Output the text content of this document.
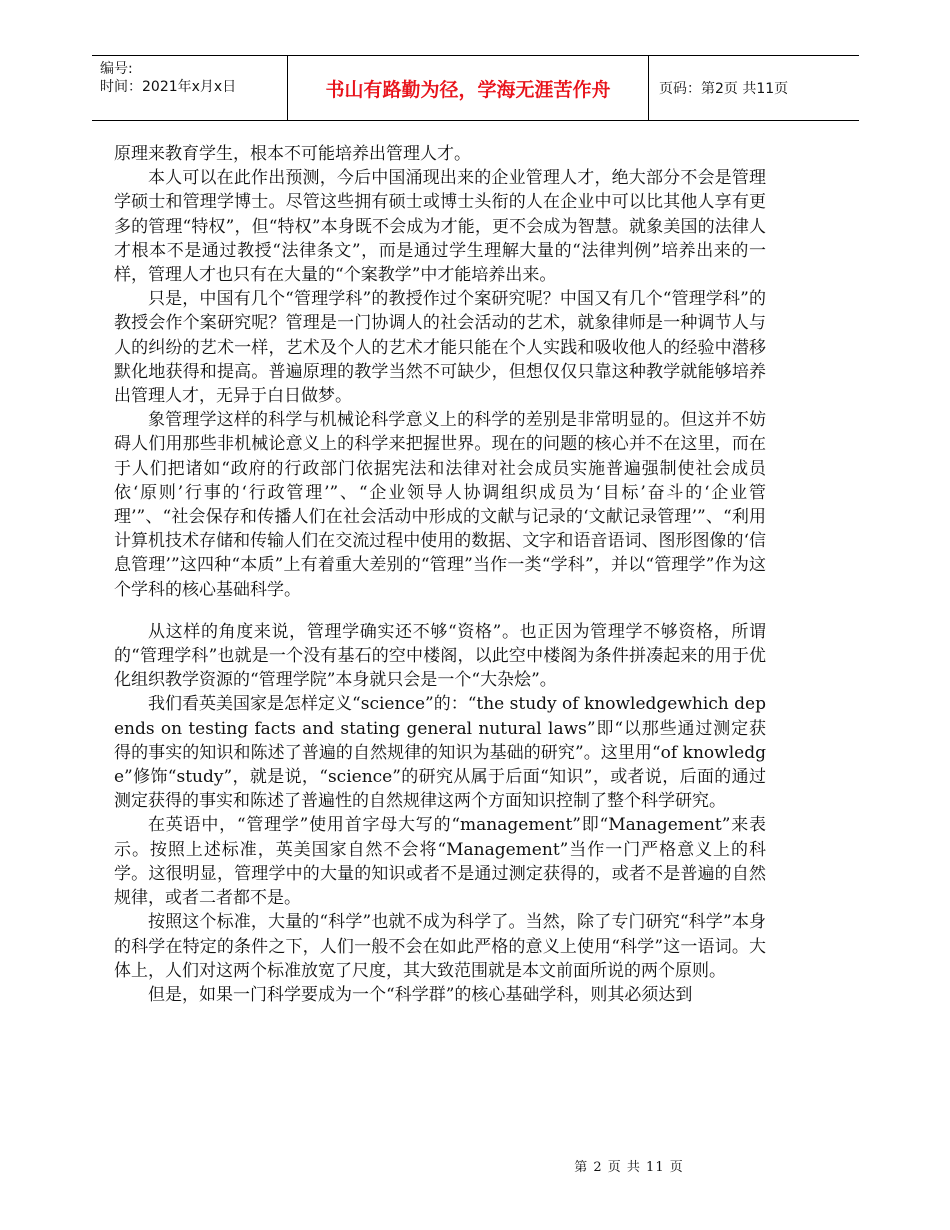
编号:
时间：2021年x月x日	书山有路勤为径，学海无涯苦作舟	页码：第2页 共11页

原理来教育学生，根本不可能培养出管理人才。

本人可以在此作出预测，今后中国涌现出来的企业管理人才，绝大部分不会是管理学硕士和管理学博士。尽管这些拥有硕士或博士头衔的人在企业中可以比其他人享有更多的管理“特权”，但“特权”本身既不会成为才能，更不会成为智慧。就象美国的法律人才根本不是通过教授“法律条文”，而是通过学生理解大量的“法律判例”培养出来的一样，管理人才也只有在大量的“个案教学”中才能培养出来。

只是，中国有几个“管理学科”的教授作过个案研究呢？中国又有几个“管理学科”的教授会作个案研究呢？管理是一门协调人的社会活动的艺术，就象律师是一种调节人与人的纠纷的艺术一样，艺术及个人的艺术才能只能在个人实践和吸收他人的经验中潜移默化地获得和提高。普遍原理的教学当然不可缺少，但想仅仅只靠这种教学就能够培养出管理人才，无异于白日做梦。

象管理学这样的科学与机械论科学意义上的科学的差别是非常明显的。但这并不妨碍人们用那些非机械论意义上的科学来把握世界。现在的问题的核心并不在这里，而在于人们把诸如“政府的行政部门依据宪法和法律对社会成员实施普遍强制使社会成员依‘原则’行事的‘行政管理’”、“企业领导人协调组织成员为‘目标’奋斗的‘企业管理’”、“社会保存和传播人们在社会活动中形成的文献与记录的‘文献记录管理’”、“利用计算机技术存储和传输人们在交流过程中使用的数据、文字和语音语词、图形图像的‘信息管理’”这四种“本质”上有着重大差别的“管理”当作一类“学科”，并以“管理学”作为这个学科的核心基础科学。

从这样的角度来说，管理学确实还不够“资格”。也正因为管理学不够资格，所谓的“管理学科”也就是一个没有基石的空中楼阁，以此空中楼阁为条件拼凑起来的用于优化组织教学资源的“管理学院”本身就只会是一个“大杂烩”。

我们看英美国家是怎样定义“science”的：“the study of knowledgewhich depends on testing facts and stating general nutural laws”即“以那些通过测定获得的事实的知识和陈述了普遍的自然规律的知识为基础的研究”。这里用“of knowledge”修饰“study”，就是说，“science”的研究从属于后面“知识”，或者说，后面的通过测定获得的事实和陈述了普遍性的自然规律这两个方面知识控制了整个科学研究。

在英语中，“管理学”使用首字母大写的“management”即“Management”来表示。按照上述标准，英美国家自然不会将“Management”当作一门严格意义上的科学。这很明显，管理学中的大量的知识或者不是通过测定获得的，或者不是普遍的自然规律，或者二者都不是。

按照这个标准，大量的“科学”也就不成为科学了。当然，除了专门研究“科学”本身的科学在特定的条件之下，人们一般不会在如此严格的意义上使用“科学”这一语词。大体上，人们对这两个标准放宽了尺度，其大致范围就是本文前面所说的两个原则。

但是，如果一门科学要成为一个“科学群”的核心基础学科，则其必须达到

第 2 页 共 11 页
